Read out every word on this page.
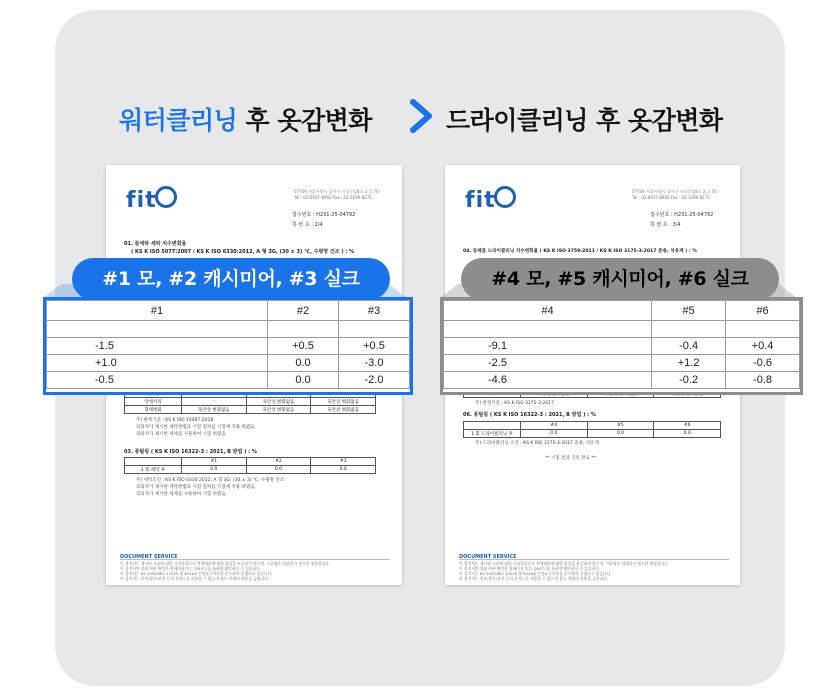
워터클리닝 후 옷감변화	드라이클리닝 후 옷감변화
fit	07749 서울특별시 강서구 마곡중앙8로 3 길 76 · Tel : 02-6937-8960 Fax : 02-3299-8271
접수번호 : H231-25-04792
쪽 번 호 : 2/4
01. 물세탁 세탁 치수변화율
( KS K ISO 5077:2007 / KS K ISO 6330:2012, A 형 3G, (30 ± 3) ℃, 수평망 건조 ) : %

악세서리	-	육안상 변화없음	육안상 변화없음
형태변화	육안상 변화없음	육안상 변화없음	육안상 변화없음
주) 판정기준 : KS K ISO 15487:2018
의뢰자가 제시한 세탁방법과 시험 절차를 시험에 적용 하였음.
의뢰자가 제시한 세제를 사용하여 시험 하였음.
03. 퓨틸링 ( KS K ISO 16322-3 : 2021, B 방법 ) : %
	#1	#2	#3
1 회 세탁 후	0.0	0.0	0.0
주) 세탁조건 : KS K ISO 6330:2012, A 형 3G, (30 ± 3) ℃, 수평망 건조.
의뢰자가 제시한 세탁방법과 시험 절차를 시험에 적용 하였음.
의뢰자가 제시한 세제를 사용하여 시험 하였음.
DOCUMENT SERVICE
이 성적서는 제시된 시료에 대한 시험결과로서 전체제품에 대한 품질을 보증하지 않으며, 시료명은 의뢰자가 제시한 명칭입니다.
이 성적서의 진위 여부 확인은 홈페이지 또는 QR코드를 통하여 확인하실 수 있습니다.
이 성적서는 KS Q ISO/IEC 17025 및 KOLAS 인정요구사항을 준수하여 운영되고 있습니다.
이 성적서는 홍보/광고/선전 등의 목적으로 사용할 수 없으며 용도 이외의 사용을 금합니다.
fit	07749 서울특별시 강서구 마곡중앙8로 3 길 76 · Tel : 02-6937-8960 Fax : 02-3299-8271
접수번호 : H231-25-04792
쪽 번 호 : 3/4
04. 동제품 드라이클리닝 치수변화율 ( KS K ISO 3759:2011 / KS K ISO 3175-3:2017 준용, 석유계 ) : %

주) 판정기준 : KS K ISO 3175-3:2017
06. 퓨틸링 ( KS K ISO 16322-3 : 2021, B 방법 ) : %
	#4	#5	#6
1 회 드라이클리닝 후	0.0	0.0	0.0
주) 드라이클리닝 조건 : KS K ISO 3175-3:2017 준용, 석유계
** 시험 결과 기록 완료 **
DOCUMENT SERVICE
이 성적서는 제시된 시료에 대한 시험결과로서 전체제품에 대한 품질을 보증하지 않으며, 시료명은 의뢰자가 제시한 명칭입니다.
이 성적서의 진위 여부 확인은 홈페이지 또는 QR코드를 통하여 확인하실 수 있습니다.
이 성적서는 KS Q ISO/IEC 17025 및 KOLAS 인정요구사항을 준수하여 운영되고 있습니다.
이 성적서는 홍보/광고/선전 등의 목적으로 사용할 수 없으며 용도 이외의 사용을 금합니다.
#1	#2	#3

-1.5	+0.5	+0.5
+1.0	0.0	-3.0
-0.5	0.0	-2.0
#4	#5	#6

-9.1	-0.4	+0.4
-2.5	+1.2	-0.6
-4.6	-0.2	-0.8
#1 모, #2 캐시미어, #3 실크	#4 모, #5 캐시미어, #6 실크
